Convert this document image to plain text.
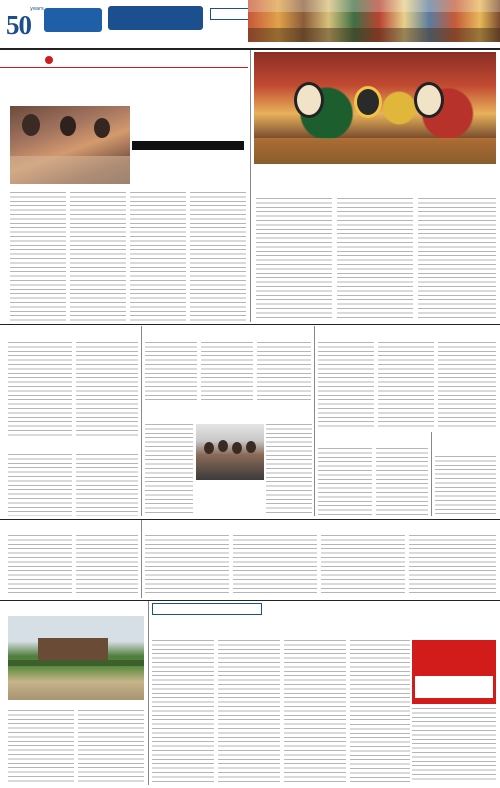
50
years
